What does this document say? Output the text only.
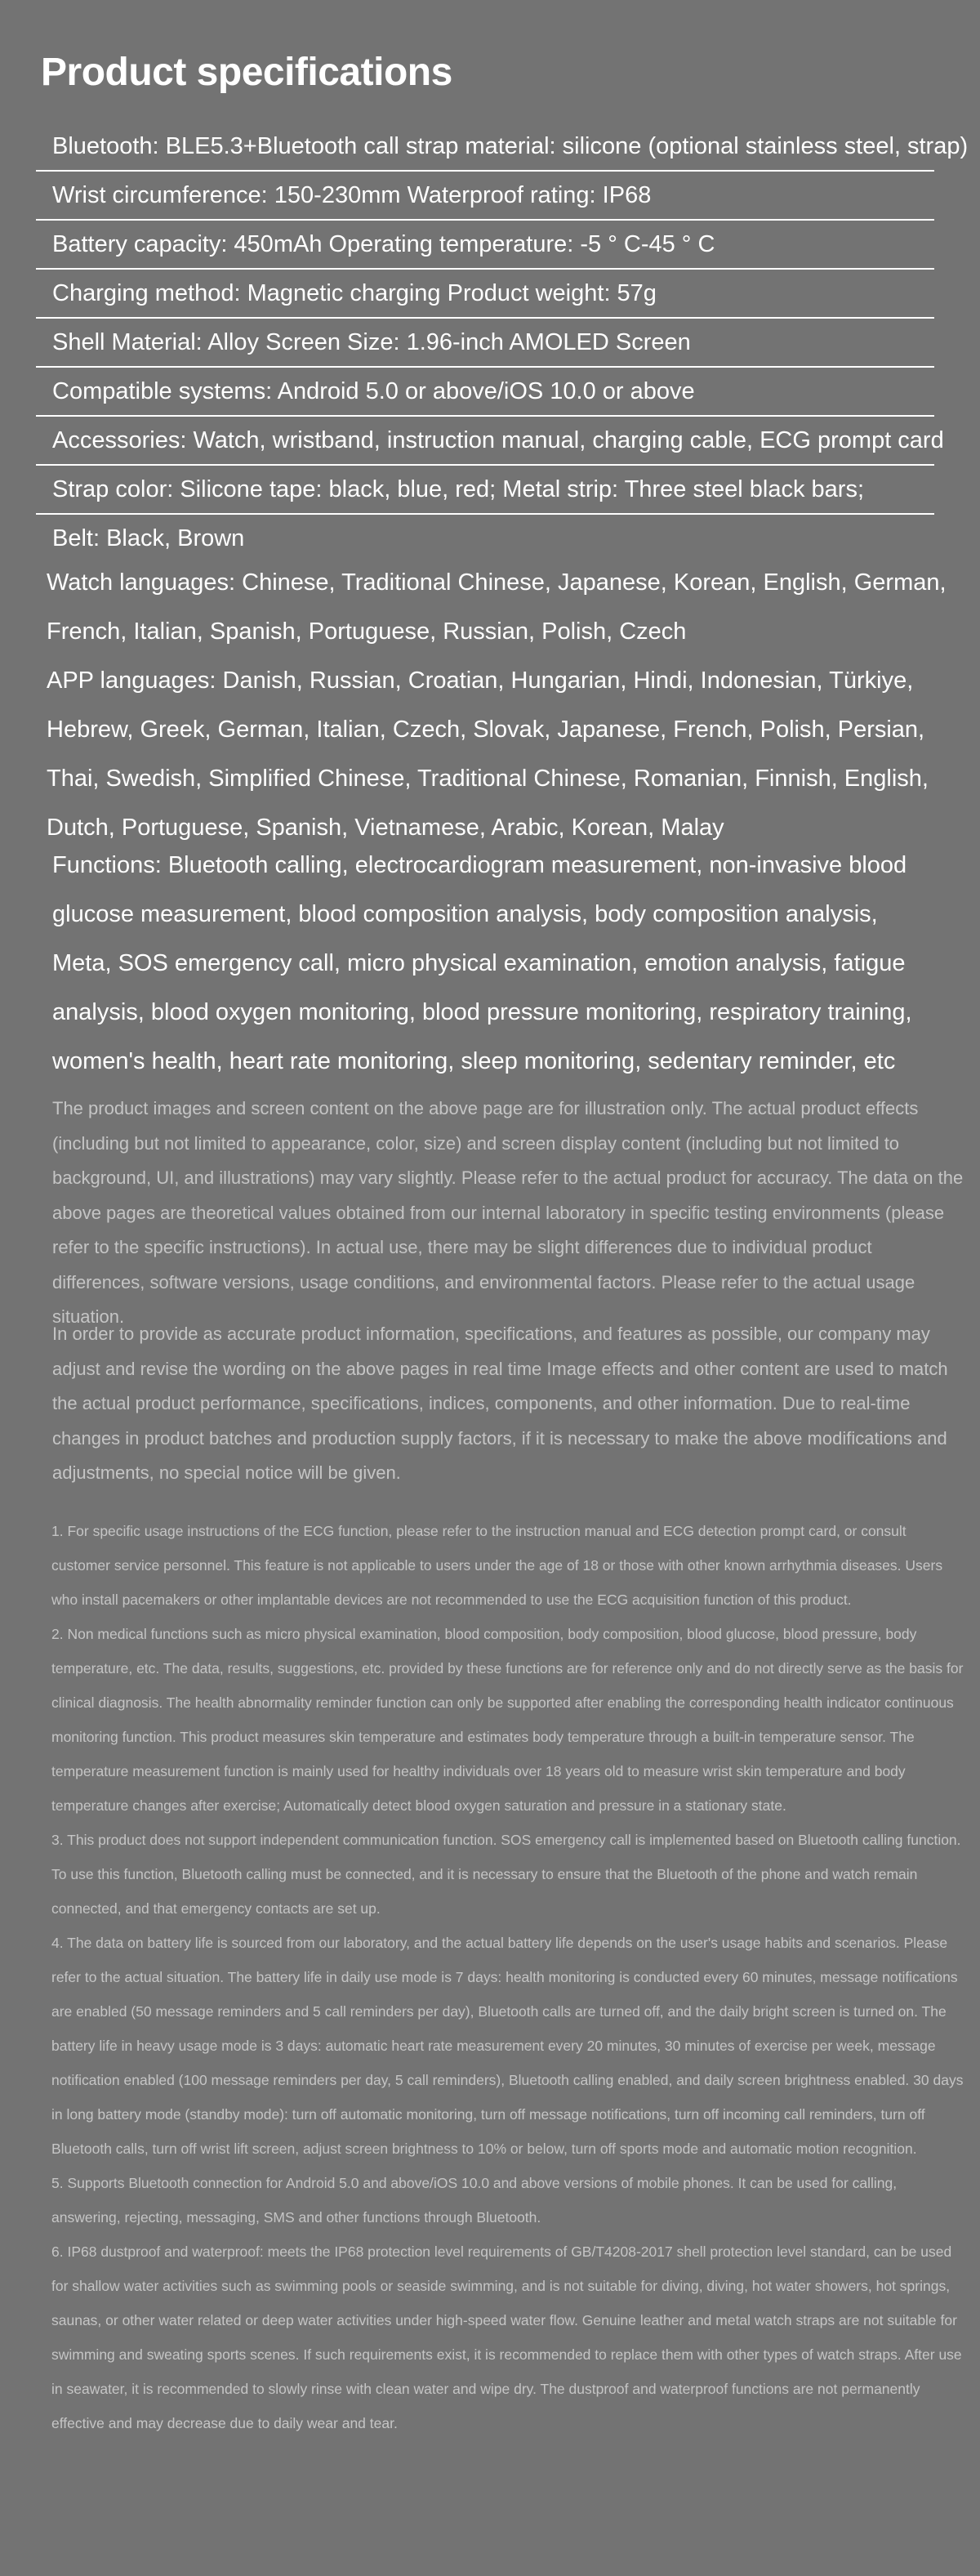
Product specifications
Bluetooth: BLE5.3+Bluetooth call strap material: silicone (optional stainless steel, strap)
Wrist circumference: 150-230mm Waterproof rating: IP68
Battery capacity: 450mAh Operating temperature: -5 ° C-45 ° C
Charging method: Magnetic charging Product weight: 57g
Shell Material: Alloy Screen Size: 1.96-inch AMOLED Screen
Compatible systems: Android 5.0 or above/iOS 10.0 or above
Accessories: Watch, wristband, instruction manual, charging cable, ECG prompt card
Strap color: Silicone tape: black, blue, red; Metal strip: Three steel black bars;
Belt: Black, Brown

Watch languages: Chinese, Traditional Chinese, Japanese, Korean, English, German, French, Italian, Spanish, Portuguese, Russian, Polish, Czech

APP languages: Danish, Russian, Croatian, Hungarian, Hindi, Indonesian, Türkiye, Hebrew, Greek, German, Italian, Czech, Slovak, Japanese, French, Polish, Persian, Thai, Swedish, Simplified Chinese, Traditional Chinese, Romanian, Finnish, English, Dutch, Portuguese, Spanish, Vietnamese, Arabic, Korean, Malay

Functions: Bluetooth calling, electrocardiogram measurement, non-invasive blood glucose measurement, blood composition analysis, body composition analysis, Meta, SOS emergency call, micro physical examination, emotion analysis, fatigue analysis, blood oxygen monitoring, blood pressure monitoring, respiratory training, women's health, heart rate monitoring, sleep monitoring, sedentary reminder, etc

The product images and screen content on the above page are for illustration only. The actual product effects (including but not limited to appearance, color, size) and screen display content (including but not limited to background, UI, and illustrations) may vary slightly. Please refer to the actual product for accuracy. The data on the above pages are theoretical values obtained from our internal laboratory in specific testing environments (please refer to the specific instructions). In actual use, there may be slight differences due to individual product differences, software versions, usage conditions, and environmental factors. Please refer to the actual usage situation.

In order to provide as accurate product information, specifications, and features as possible, our company may adjust and revise the wording on the above pages in real time Image effects and other content are used to match the actual product performance, specifications, indices, components, and other information. Due to real-time changes in product batches and production supply factors, if it is necessary to make the above modifications and adjustments, no special notice will be given.

1. For specific usage instructions of the ECG function, please refer to the instruction manual and ECG detection prompt card, or consult customer service personnel. This feature is not applicable to users under the age of 18 or those with other known arrhythmia diseases. Users who install pacemakers or other implantable devices are not recommended to use the ECG acquisition function of this product.

2. Non medical functions such as micro physical examination, blood composition, body composition, blood glucose, blood pressure, body temperature, etc. The data, results, suggestions, etc. provided by these functions are for reference only and do not directly serve as the basis for clinical diagnosis. The health abnormality reminder function can only be supported after enabling the corresponding health indicator continuous monitoring function. This product measures skin temperature and estimates body temperature through a built-in temperature sensor. The temperature measurement function is mainly used for healthy individuals over 18 years old to measure wrist skin temperature and body temperature changes after exercise; Automatically detect blood oxygen saturation and pressure in a stationary state.

3. This product does not support independent communication function. SOS emergency call is implemented based on Bluetooth calling function. To use this function, Bluetooth calling must be connected, and it is necessary to ensure that the Bluetooth of the phone and watch remain connected, and that emergency contacts are set up.

4. The data on battery life is sourced from our laboratory, and the actual battery life depends on the user's usage habits and scenarios. Please refer to the actual situation. The battery life in daily use mode is 7 days: health monitoring is conducted every 60 minutes, message notifications are enabled (50 message reminders and 5 call reminders per day), Bluetooth calls are turned off, and the daily bright screen is turned on. The battery life in heavy usage mode is 3 days: automatic heart rate measurement every 20 minutes, 30 minutes of exercise per week, message notification enabled (100 message reminders per day, 5 call reminders), Bluetooth calling enabled, and daily screen brightness enabled. 30 days in long battery mode (standby mode): turn off automatic monitoring, turn off message notifications, turn off incoming call reminders, turn off Bluetooth calls, turn off wrist lift screen, adjust screen brightness to 10% or below, turn off sports mode and automatic motion recognition.

5. Supports Bluetooth connection for Android 5.0 and above/iOS 10.0 and above versions of mobile phones. It can be used for calling, answering, rejecting, messaging, SMS and other functions through Bluetooth.

6. IP68 dustproof and waterproof: meets the IP68 protection level requirements of GB/T4208-2017 shell protection level standard, can be used for shallow water activities such as swimming pools or seaside swimming, and is not suitable for diving, diving, hot water showers, hot springs, saunas, or other water related or deep water activities under high-speed water flow. Genuine leather and metal watch straps are not suitable for swimming and sweating sports scenes. If such requirements exist, it is recommended to replace them with other types of watch straps. After use in seawater, it is recommended to slowly rinse with clean water and wipe dry. The dustproof and waterproof functions are not permanently effective and may decrease due to daily wear and tear.
